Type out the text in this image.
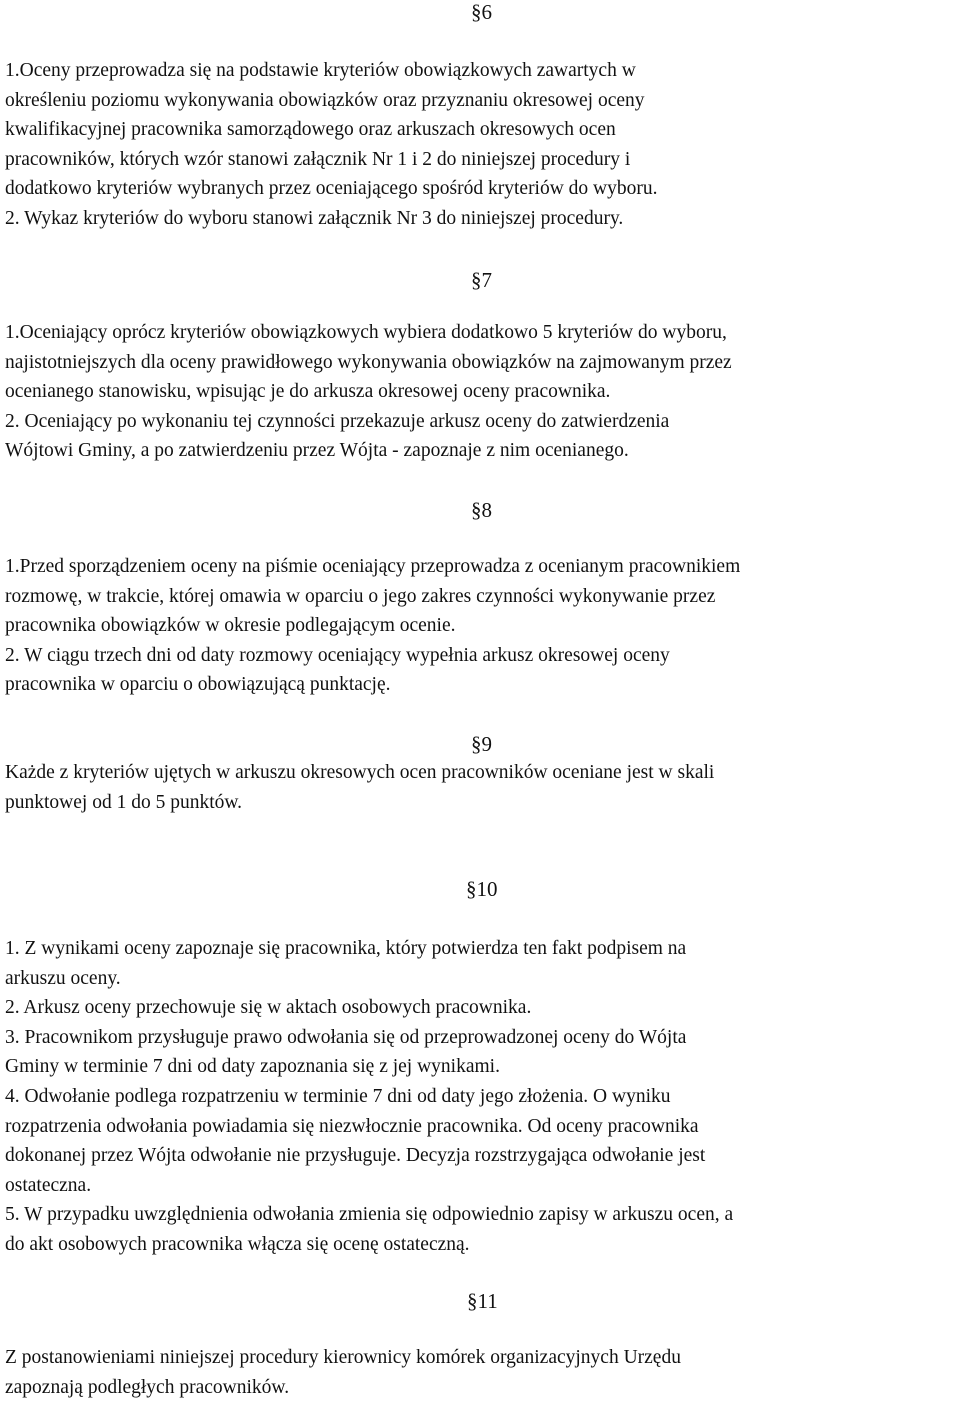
§6
1.Oceny przeprowadza się na podstawie kryteriów obowiązkowych zawartych w
określeniu poziomu wykonywania obowiązków oraz przyznaniu okresowej oceny
kwalifikacyjnej pracownika samorządowego oraz arkuszach okresowych ocen
pracowników, których wzór stanowi załącznik Nr 1 i 2 do niniejszej procedury i
dodatkowo kryteriów wybranych przez oceniającego spośród kryteriów do wyboru.
2. Wykaz kryteriów do wyboru stanowi załącznik Nr 3 do niniejszej procedury.
§7
1.Oceniający oprócz kryteriów obowiązkowych wybiera dodatkowo 5 kryteriów do wyboru,
najistotniejszych dla oceny prawidłowego wykonywania obowiązków na zajmowanym przez
ocenianego stanowisku, wpisując je do arkusza okresowej oceny pracownika.
2. Oceniający po wykonaniu tej czynności przekazuje arkusz oceny do zatwierdzenia
Wójtowi Gminy, a po zatwierdzeniu przez Wójta - zapoznaje z nim ocenianego.
§8
1.Przed sporządzeniem oceny na piśmie oceniający przeprowadza z ocenianym pracownikiem
rozmowę, w trakcie, której omawia w oparciu o jego zakres czynności wykonywanie przez
pracownika obowiązków w okresie podlegającym ocenie.
2. W ciągu trzech dni od daty rozmowy oceniający wypełnia arkusz okresowej oceny
pracownika w oparciu o obowiązującą punktację.
§9
Każde z kryteriów ujętych w arkuszu okresowych ocen pracowników oceniane jest w skali
punktowej od 1 do 5 punktów.
§10
1. Z wynikami oceny zapoznaje się pracownika, który potwierdza ten fakt podpisem na
arkuszu oceny.
2. Arkusz oceny przechowuje się w aktach osobowych pracownika.
3. Pracownikom przysługuje prawo odwołania się od przeprowadzonej oceny do Wójta
Gminy w terminie 7 dni od daty zapoznania się z jej wynikami.
4. Odwołanie podlega rozpatrzeniu w terminie 7 dni od daty jego złożenia. O wyniku
rozpatrzenia odwołania powiadamia się niezwłocznie pracownika. Od oceny pracownika
dokonanej przez Wójta odwołanie nie przysługuje. Decyzja rozstrzygająca odwołanie jest
ostateczna.
5. W przypadku uwzględnienia odwołania zmienia się odpowiednio zapisy w arkuszu ocen, a
do akt osobowych pracownika włącza się ocenę ostateczną.
§11
Z postanowieniami niniejszej procedury kierownicy komórek organizacyjnych Urzędu
zapoznają podległych pracowników.
